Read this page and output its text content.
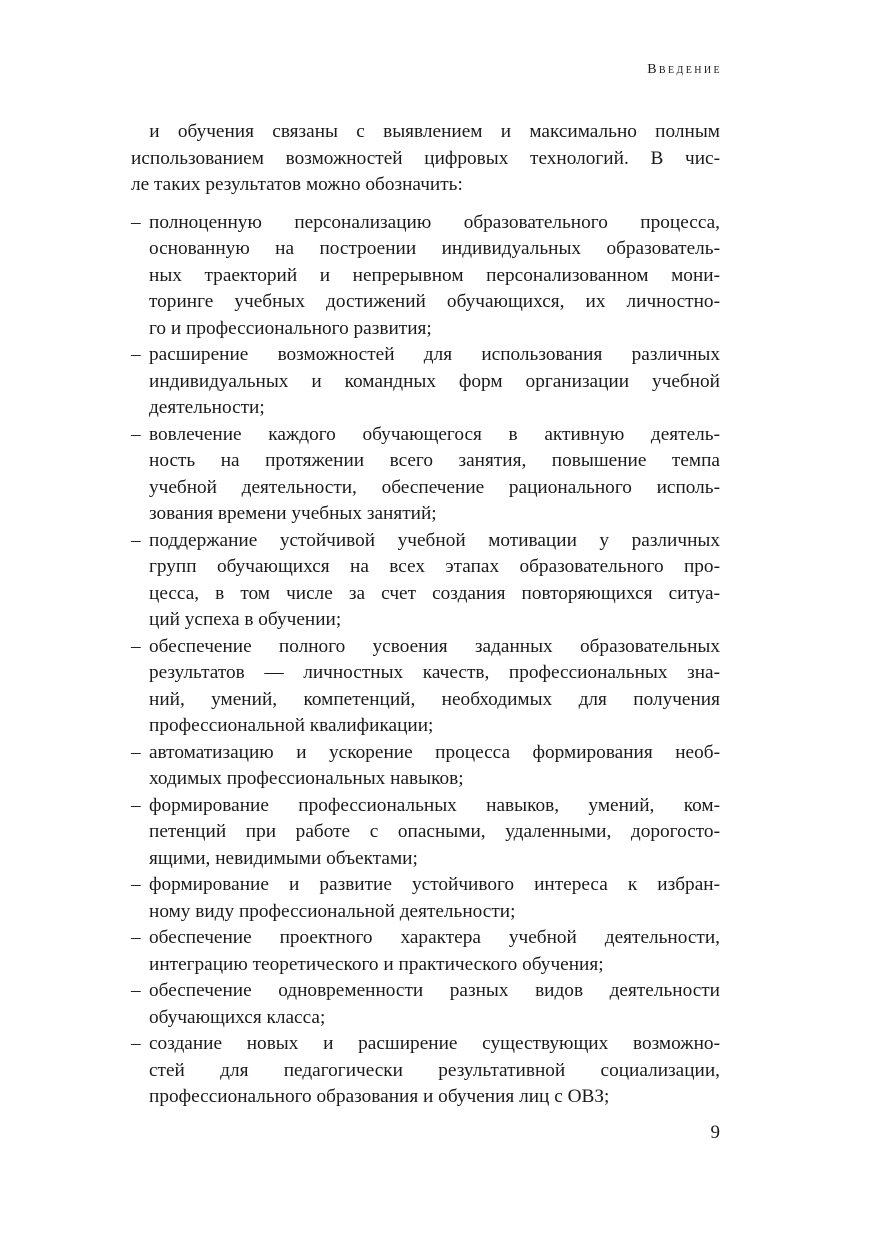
Введение

и обучения связаны с выявлением и максимально полным
использованием возможностей цифровых технологий. В чис-
ле таких результатов можно обозначить:

– полноценную персонализацию образовательного процесса,
основанную на построении индивидуальных образователь-
ных траекторий и непрерывном персонализованном мони-
торинге учебных достижений обучающихся, их личностно-
го и профессионального развития;
– расширение возможностей для использования различных
индивидуальных и командных форм организации учебной
деятельности;
– вовлечение каждого обучающегося в активную деятель-
ность на протяжении всего занятия, повышение темпа
учебной деятельности, обеспечение рационального исполь-
зования времени учебных занятий;
– поддержание устойчивой учебной мотивации у различных
групп обучающихся на всех этапах образовательного про-
цесса, в том числе за счет создания повторяющихся ситуа-
ций успеха в обучении;
– обеспечение полного усвоения заданных образовательных
результатов — личностных качеств, профессиональных зна-
ний, умений, компетенций, необходимых для получения
профессиональной квалификации;
– автоматизацию и ускорение процесса формирования необ-
ходимых профессиональных навыков;
– формирование профессиональных навыков, умений, ком-
петенций при работе с опасными, удаленными, дорогосто-
ящими, невидимыми объектами;
– формирование и развитие устойчивого интереса к избран-
ному виду профессиональной деятельности;
– обеспечение проектного характера учебной деятельности,
интеграцию теоретического и практического обучения;
– обеспечение одновременности разных видов деятельности
обучающихся класса;
– создание новых и расширение существующих возможно-
стей для педагогически результативной социализации,
профессионального образования и обучения лиц с ОВЗ;
9
